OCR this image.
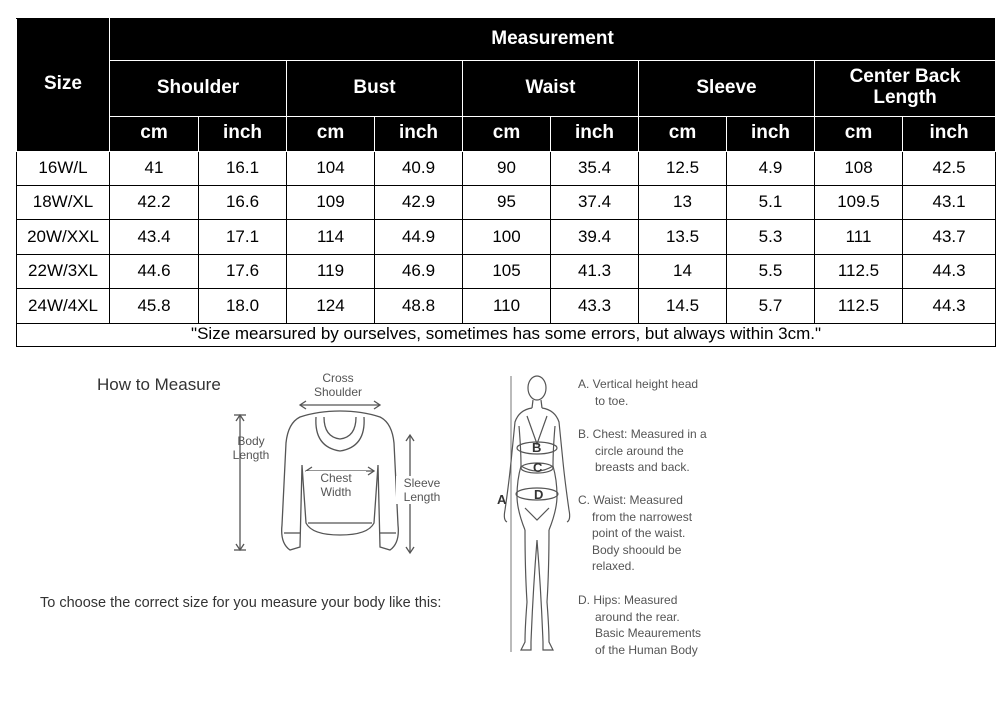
Size	Measurement									
	Shoulder		Bust		Waist		Sleeve		Center Back Length	
	cm	inch	cm	inch	cm	inch	cm	inch	cm	inch
16W/L	41	16.1	104	40.9	90	35.4	12.5	4.9	108	42.5
18W/XL	42.2	16.6	109	42.9	95	37.4	13	5.1	109.5	43.1
20W/XXL	43.4	17.1	114	44.9	100	39.4	13.5	5.3	111	43.7
22W/3XL	44.6	17.6	119	46.9	105	41.3	14	5.5	112.5	44.3
24W/4XL	45.8	18.0	124	48.8	110	43.3	14.5	5.7	112.5	44.3
"Size mearsured by ourselves, sometimes has some errors, but always within 3cm."										
How to Measure	Cross
Shoulder
Body
Length
Chest
Width
Sleeve
Length
To choose the correct size for you measure your body like this:
B
C
D
A
A. Vertical height head
to toe.
B. Chest: Measured in a
circle around the
breasts and back.
C. Waist: Measured
from the narrowest
point of the waist.
Body shoould be
relaxed.
D. Hips: Measured
around the rear.
Basic Meaurements
of the Human Body
